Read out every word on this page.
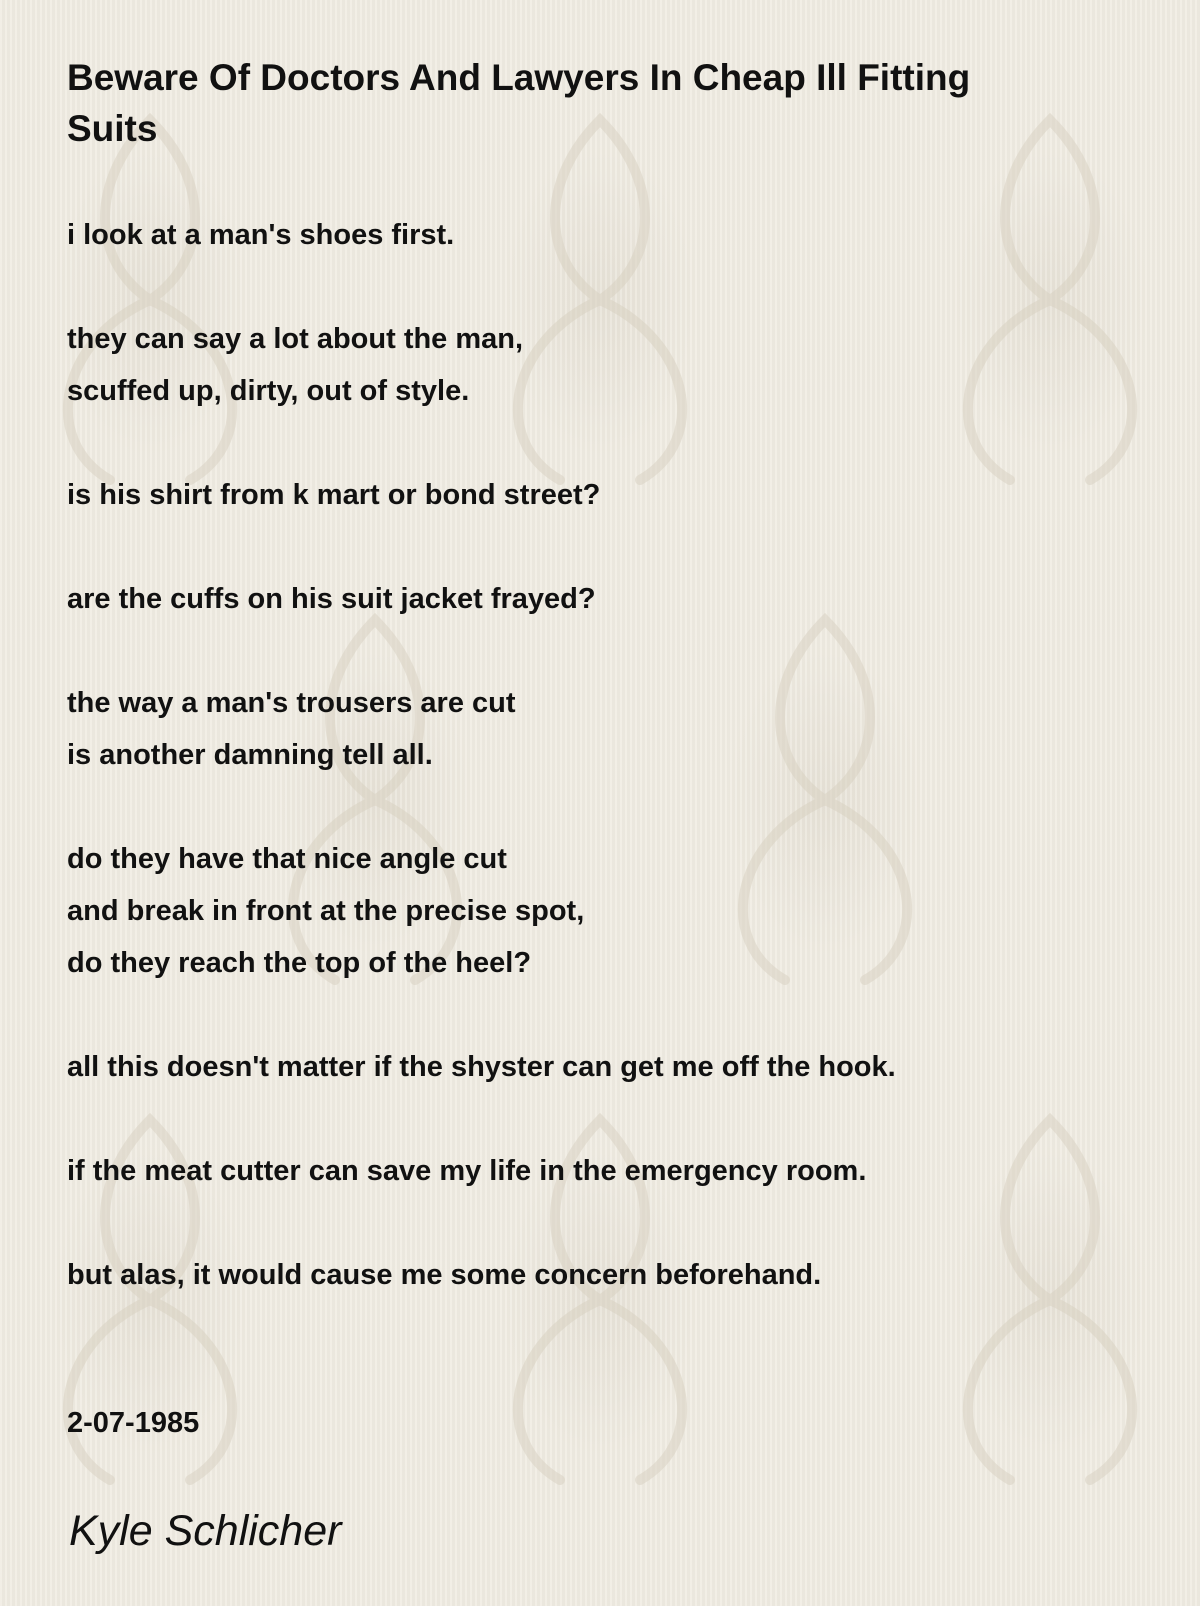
Beware Of Doctors And Lawyers In Cheap Ill Fitting Suits

i look at a man's shoes first.

they can say a lot about the man,
scuffed up, dirty, out of style.

is his shirt from k mart or bond street?

are the cuffs on his suit jacket frayed?

the way a man's trousers are cut
is another damning tell all.

do they have that nice angle cut
and break in front at the precise spot,
do they reach the top of the heel?

all this doesn't matter if the shyster can get me off the hook.

if the meat cutter can save my life in the emergency room.

but alas, it would cause me some concern beforehand.

2-07-1985
Kyle Schlicher
